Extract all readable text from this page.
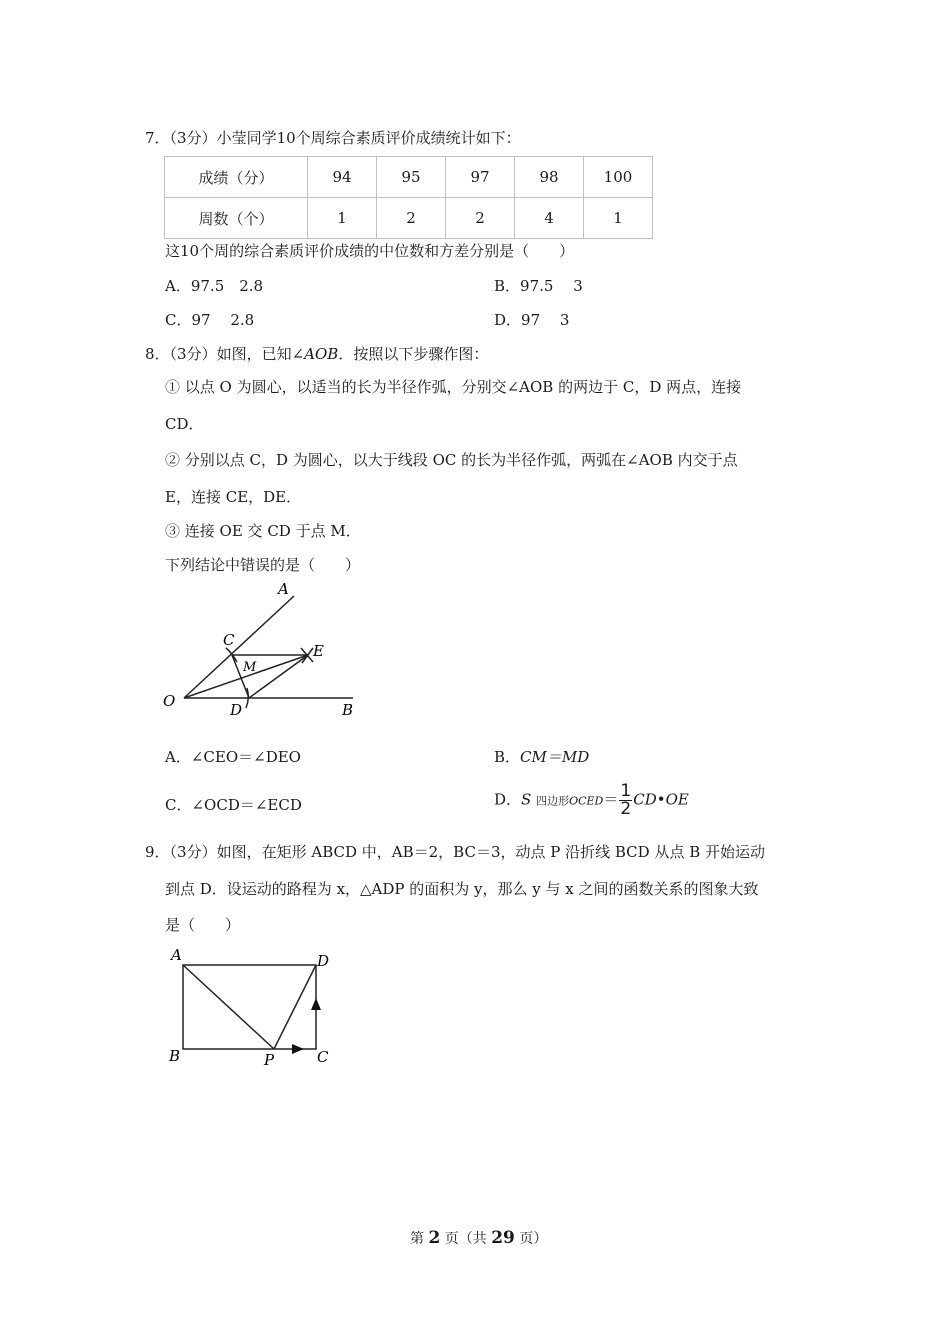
7．（3分）小莹同学10个周综合素质评价成绩统计如下：
成绩（分）	94	95	97	98	100
周数（个）	1	2	2	4	1
这10个周的综合素质评价成绩的中位数和方差分别是（　　）
A．97.5　2.8	B．97.5　 3
C．97　 2.8	D．97　 3
8．（3分）如图，已知∠AOB．按照以下步骤作图：
① 以点 O 为圆心，以适当的长为半径作弧，分别交∠AOB 的两边于 C，D 两点，连接
CD．
② 分别以点 C，D 为圆心，以大于线段 OC 的长为半径作弧，两弧在∠AOB 内交于点
E，连接 CE，DE．
③ 连接 OE 交 CD 于点 M．
下列结论中错误的是（　　）
A
B
C
D
E
M
O
A．∠CEO＝∠DEO	B．CM＝MD
C．∠OCD＝∠ECD	D．S 四边形OCED＝ $\frac{1}{2}$ CD•OE
9．（3分）如图，在矩形 ABCD 中，AB＝2，BC＝3，动点 P 沿折线 BCD 从点 B 开始运动
到点 D．设运动的路程为 x，△ADP 的面积为 y，那么 y 与 x 之间的函数关系的图象大致
是（　　）
A	D
B	P	C
第 2 页（共 29 页）
